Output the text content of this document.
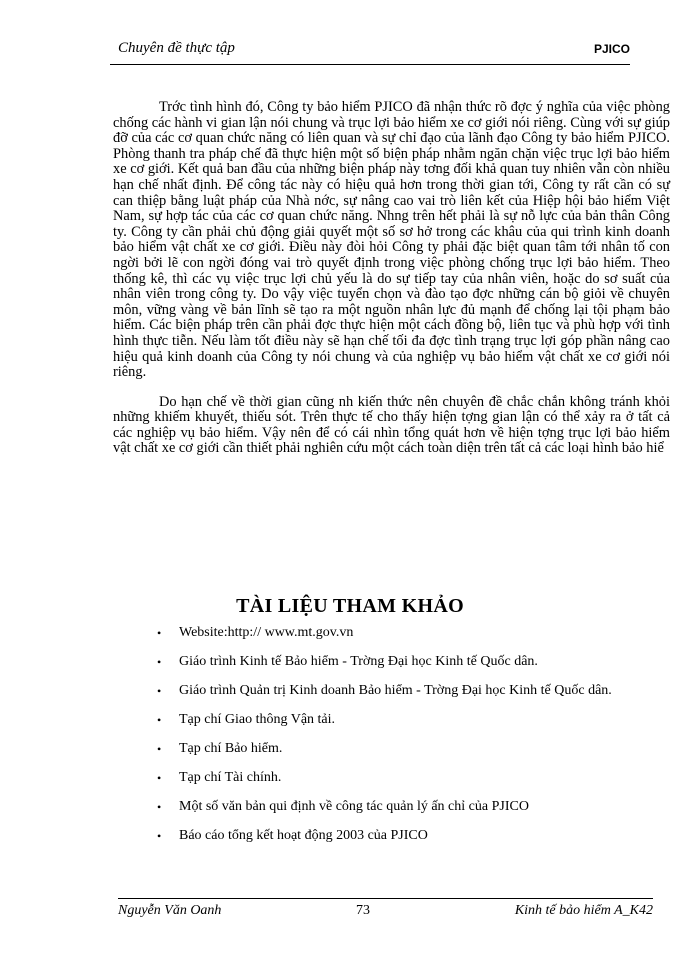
Chuyên đề thực tập	PJICO

Trớc tình hình đó, Công ty bảo hiểm PJICO đã nhận thức rõ đợc ý nghĩa của việc phòng chống các hành vi gian lận nói chung và trục lợi bảo hiểm xe cơ giới nói riêng. Cùng với sự giúp đỡ của các cơ quan chức năng có liên quan và sự chỉ đạo của lãnh đạo Công ty bảo hiểm PJICO. Phòng thanh tra pháp chế đã thực hiện một số biện pháp nhằm ngăn chặn việc trục lợi bảo hiểm xe cơ giới. Kết quả ban đầu của những biện pháp này tơng đối khả quan tuy nhiên vẫn còn nhiều hạn chế nhất định. Để công tác này có hiệu quả hơn trong thời gian tới, Công ty rất cần có sự can thiệp bằng luật pháp của Nhà nớc, sự nâng cao vai trò liên kết của Hiệp hội bảo hiểm Việt Nam, sự hợp tác của các cơ quan chức năng. Nhng trên hết phải là sự nỗ lực của bản thân Công ty. Công ty cần phải chủ động giải quyết một số sơ hở trong các khâu của qui trình kinh doanh bảo hiểm vật chất xe cơ giới. Điều này đòi hỏi Công ty phải đặc biệt quan tâm tới nhân tố con ngời bởi lẽ con ngời đóng vai trò quyết định trong việc phòng chống trục lợi bảo hiểm. Theo thống kê, thì các vụ việc trục lợi chủ yếu là do sự tiếp tay của nhân viên, hoặc do sơ suất của nhân viên trong công ty. Do vậy việc tuyển chọn và đào tạo đợc những cán bộ giỏi về chuyên môn, vững vàng về bản lĩnh sẽ tạo ra một nguồn nhân lực đủ mạnh để chống lại tội phạm bảo hiểm. Các biện pháp trên cần phải đợc thực hiện một cách đồng bộ, liên tục và phù hợp với tình hình thực tiễn. Nếu làm tốt điều này sẽ hạn chế tối đa đợc tình trạng trục lợi góp phần nâng cao hiệu quả kinh doanh của Công ty nói chung và của nghiệp vụ bảo hiểm vật chất xe cơ giới nói riêng.

Do hạn chế về thời gian cũng nh kiến thức nên chuyên đề chắc chắn không tránh khỏi những khiếm khuyết, thiếu sót. Trên thực tế cho thấy hiện tợng gian lận có thể xảy ra ở tất cả các nghiệp vụ bảo hiểm. Vậy nên để có cái nhìn tổng quát hơn về hiện tợng trục lợi bảo hiểm vật chất xe cơ giới cần thiết phải nghiên cứu một cách toàn diện trên tất cả các loại hình bảo hiể

TÀI LIỆU THAM KHẢO
• Website:http:// www.mt.gov.vn
• Giáo trình Kinh tế Bảo hiểm - Trờng Đại học Kinh tế Quốc dân.
• Giáo trình Quản trị Kinh doanh Bảo hiểm - Trờng Đại học Kinh tế Quốc dân.
• Tạp chí Giao thông Vận tải.
• Tạp chí Bảo hiểm.
• Tạp chí Tài chính.
• Một số văn bản qui định về công tác quản lý ấn chỉ của PJICO
• Báo cáo tổng kết hoạt động 2003 của PJICO
Nguyễn Văn Oanh	73	Kinh tế bảo hiểm A_K42
